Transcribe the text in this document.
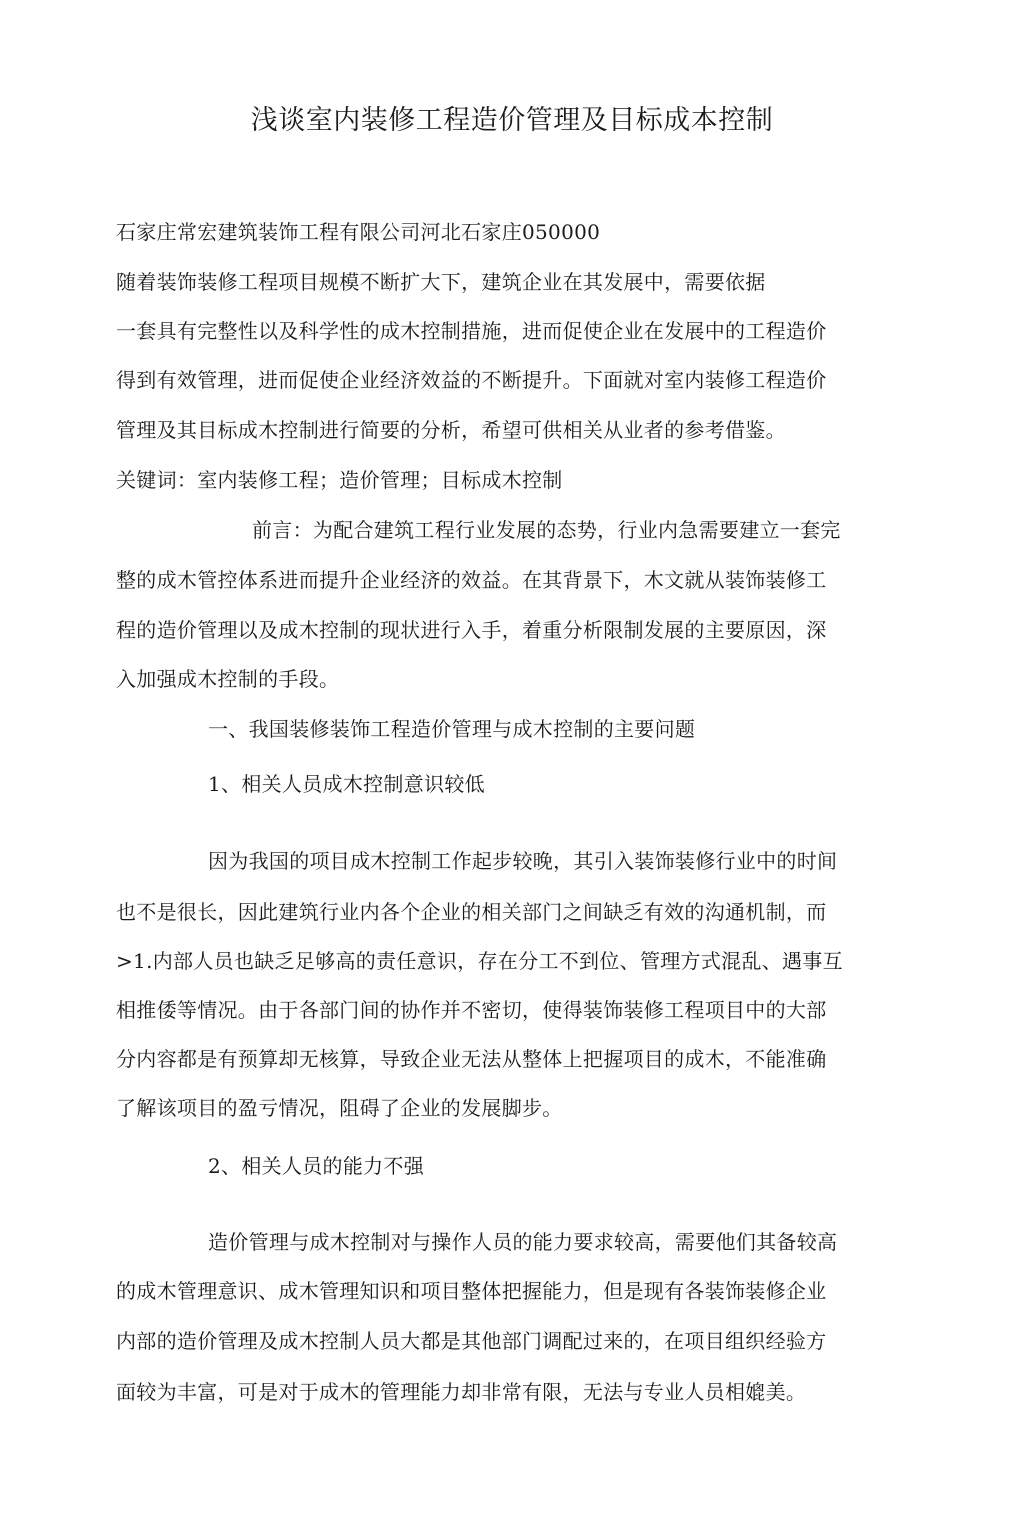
浅谈室内装修工程造价管理及目标成本控制
石家庄常宏建筑装饰工程有限公司河北石家庄050000
随着装饰装修工程项目规模不断扩大下，建筑企业在其发展中，需要依据
一套具有完整性以及科学性的成木控制措施，进而促使企业在发展中的工程造价
得到有效管理，进而促使企业经济效益的不断提升。下面就对室内装修工程造价
管理及其目标成木控制进行简要的分析，希望可供相关从业者的参考借鉴。
关键词：室内装修工程；造价管理；目标成木控制
前言：为配合建筑工程行业发展的态势，行业内急需要建立一套完
整的成木管控体系进而提升企业经济的效益。在其背景下，木文就从装饰装修工
程的造价管理以及成木控制的现状进行入手，着重分析限制发展的主要原因，深
入加强成木控制的手段。
一、我国装修装饰工程造价管理与成木控制的主要问题
1、相关人员成木控制意识较低
因为我国的项目成木控制工作起步较晚，其引入装饰装修行业中的时间
也不是很长，因此建筑行业内各个企业的相关部门之间缺乏有效的沟通机制，而
>1.内部人员也缺乏足够高的责任意识，存在分工不到位、管理方式混乱、遇事互
相推倭等情况。由于各部门间的协作并不密切，使得装饰装修工程项目中的大部
分内容都是有预算却无核算，导致企业无法从整体上把握项目的成木，不能准确
了解该项目的盈亏情况，阻碍了企业的发展脚步。
2、相关人员的能力不强
造价管理与成木控制对与操作人员的能力要求较高，需要他们其备较高
的成木管理意识、成木管理知识和项目整体把握能力，但是现有各装饰装修企业
内部的造价管理及成木控制人员大都是其他部门调配过来的，在项目组织经验方
面较为丰富，可是对于成木的管理能力却非常有限，无法与专业人员相媲美。
